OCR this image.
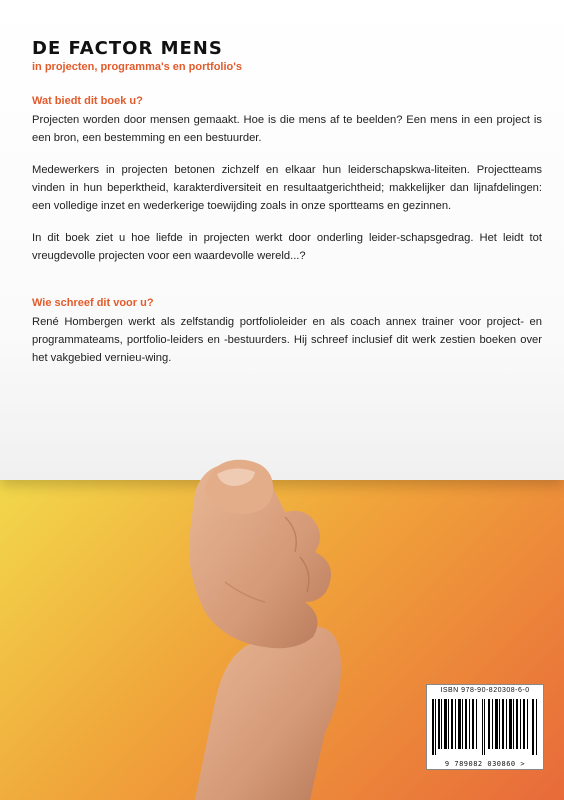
DE FACTOR MENS
in projecten, programma's en portfolio's
Wat biedt dit boek u?

Projecten worden door mensen gemaakt. Hoe is die mens af te beelden? Een mens in een project is een bron, een bestemming en een bestuurder.

Medewerkers in projecten betonen zichzelf en elkaar hun leiderschapskwa-liteiten. Projectteams vinden in hun beperktheid, karakterdiversiteit en resultaatgerichtheid; makkelijker dan lijnafdelingen: een volledige inzet en wederkerige toewijding zoals in onze sportteams en gezinnen.

In dit boek ziet u hoe liefde in projecten werkt door onderling leider-schapsgedrag. Het leidt tot vreugdevolle projecten voor een waardevolle wereld...?

Wie schreef dit voor u?

René Hombergen werkt als zelfstandig portfolioleider en als coach annex trainer voor project- en programmateams, portfolio-leiders en -bestuurders. Hij schreef inclusief dit werk zestien boeken over het vakgebied vernieu-wing.

ISBN 978-90-820308-6-0
9 789082 030860 >
